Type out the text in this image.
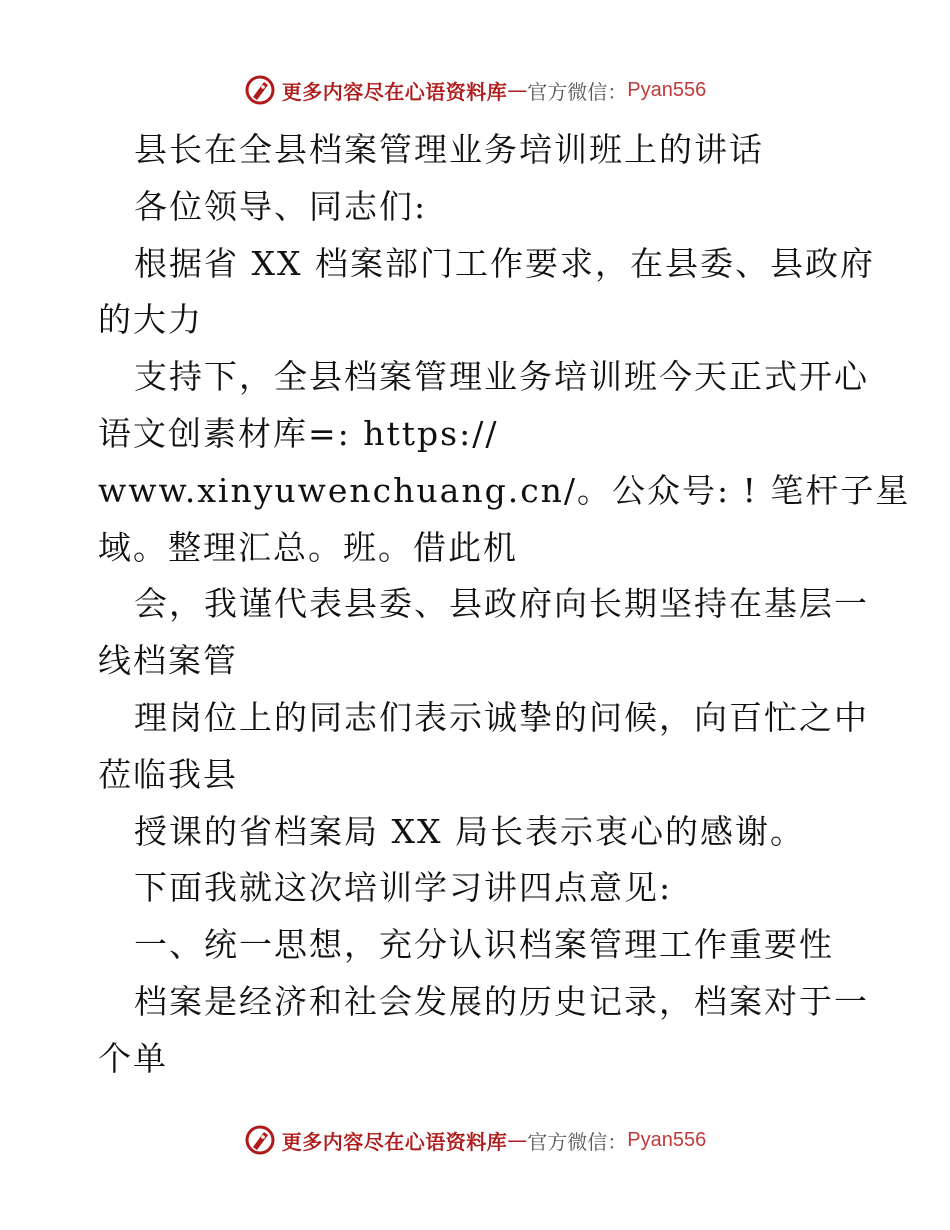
更多内容尽在心语资料库 — 官方微信： Pyan556
县长在全县档案管理业务培训班上的讲话
各位领导、同志们:
根据省 XX 档案部门工作要求，在县委、县政府
的大力
支持下，全县档案管理业务培训班今天正式开心
语文创素材库=: https://
www.xinyuwenchuang.cn/。公众号: ! 笔杆子星
域。整理汇总。班。借此机
会，我谨代表县委、县政府向长期坚持在基层一
线档案管
理岗位上的同志们表示诚挚的问候，向百忙之中
莅临我县
授课的省档案局 XX 局长表示衷心的感谢。
下面我就这次培训学习讲四点意见:
一、统一思想，充分认识档案管理工作重要性
档案是经济和社会发展的历史记录，档案对于一
个单
更多内容尽在心语资料库 — 官方微信： Pyan556
